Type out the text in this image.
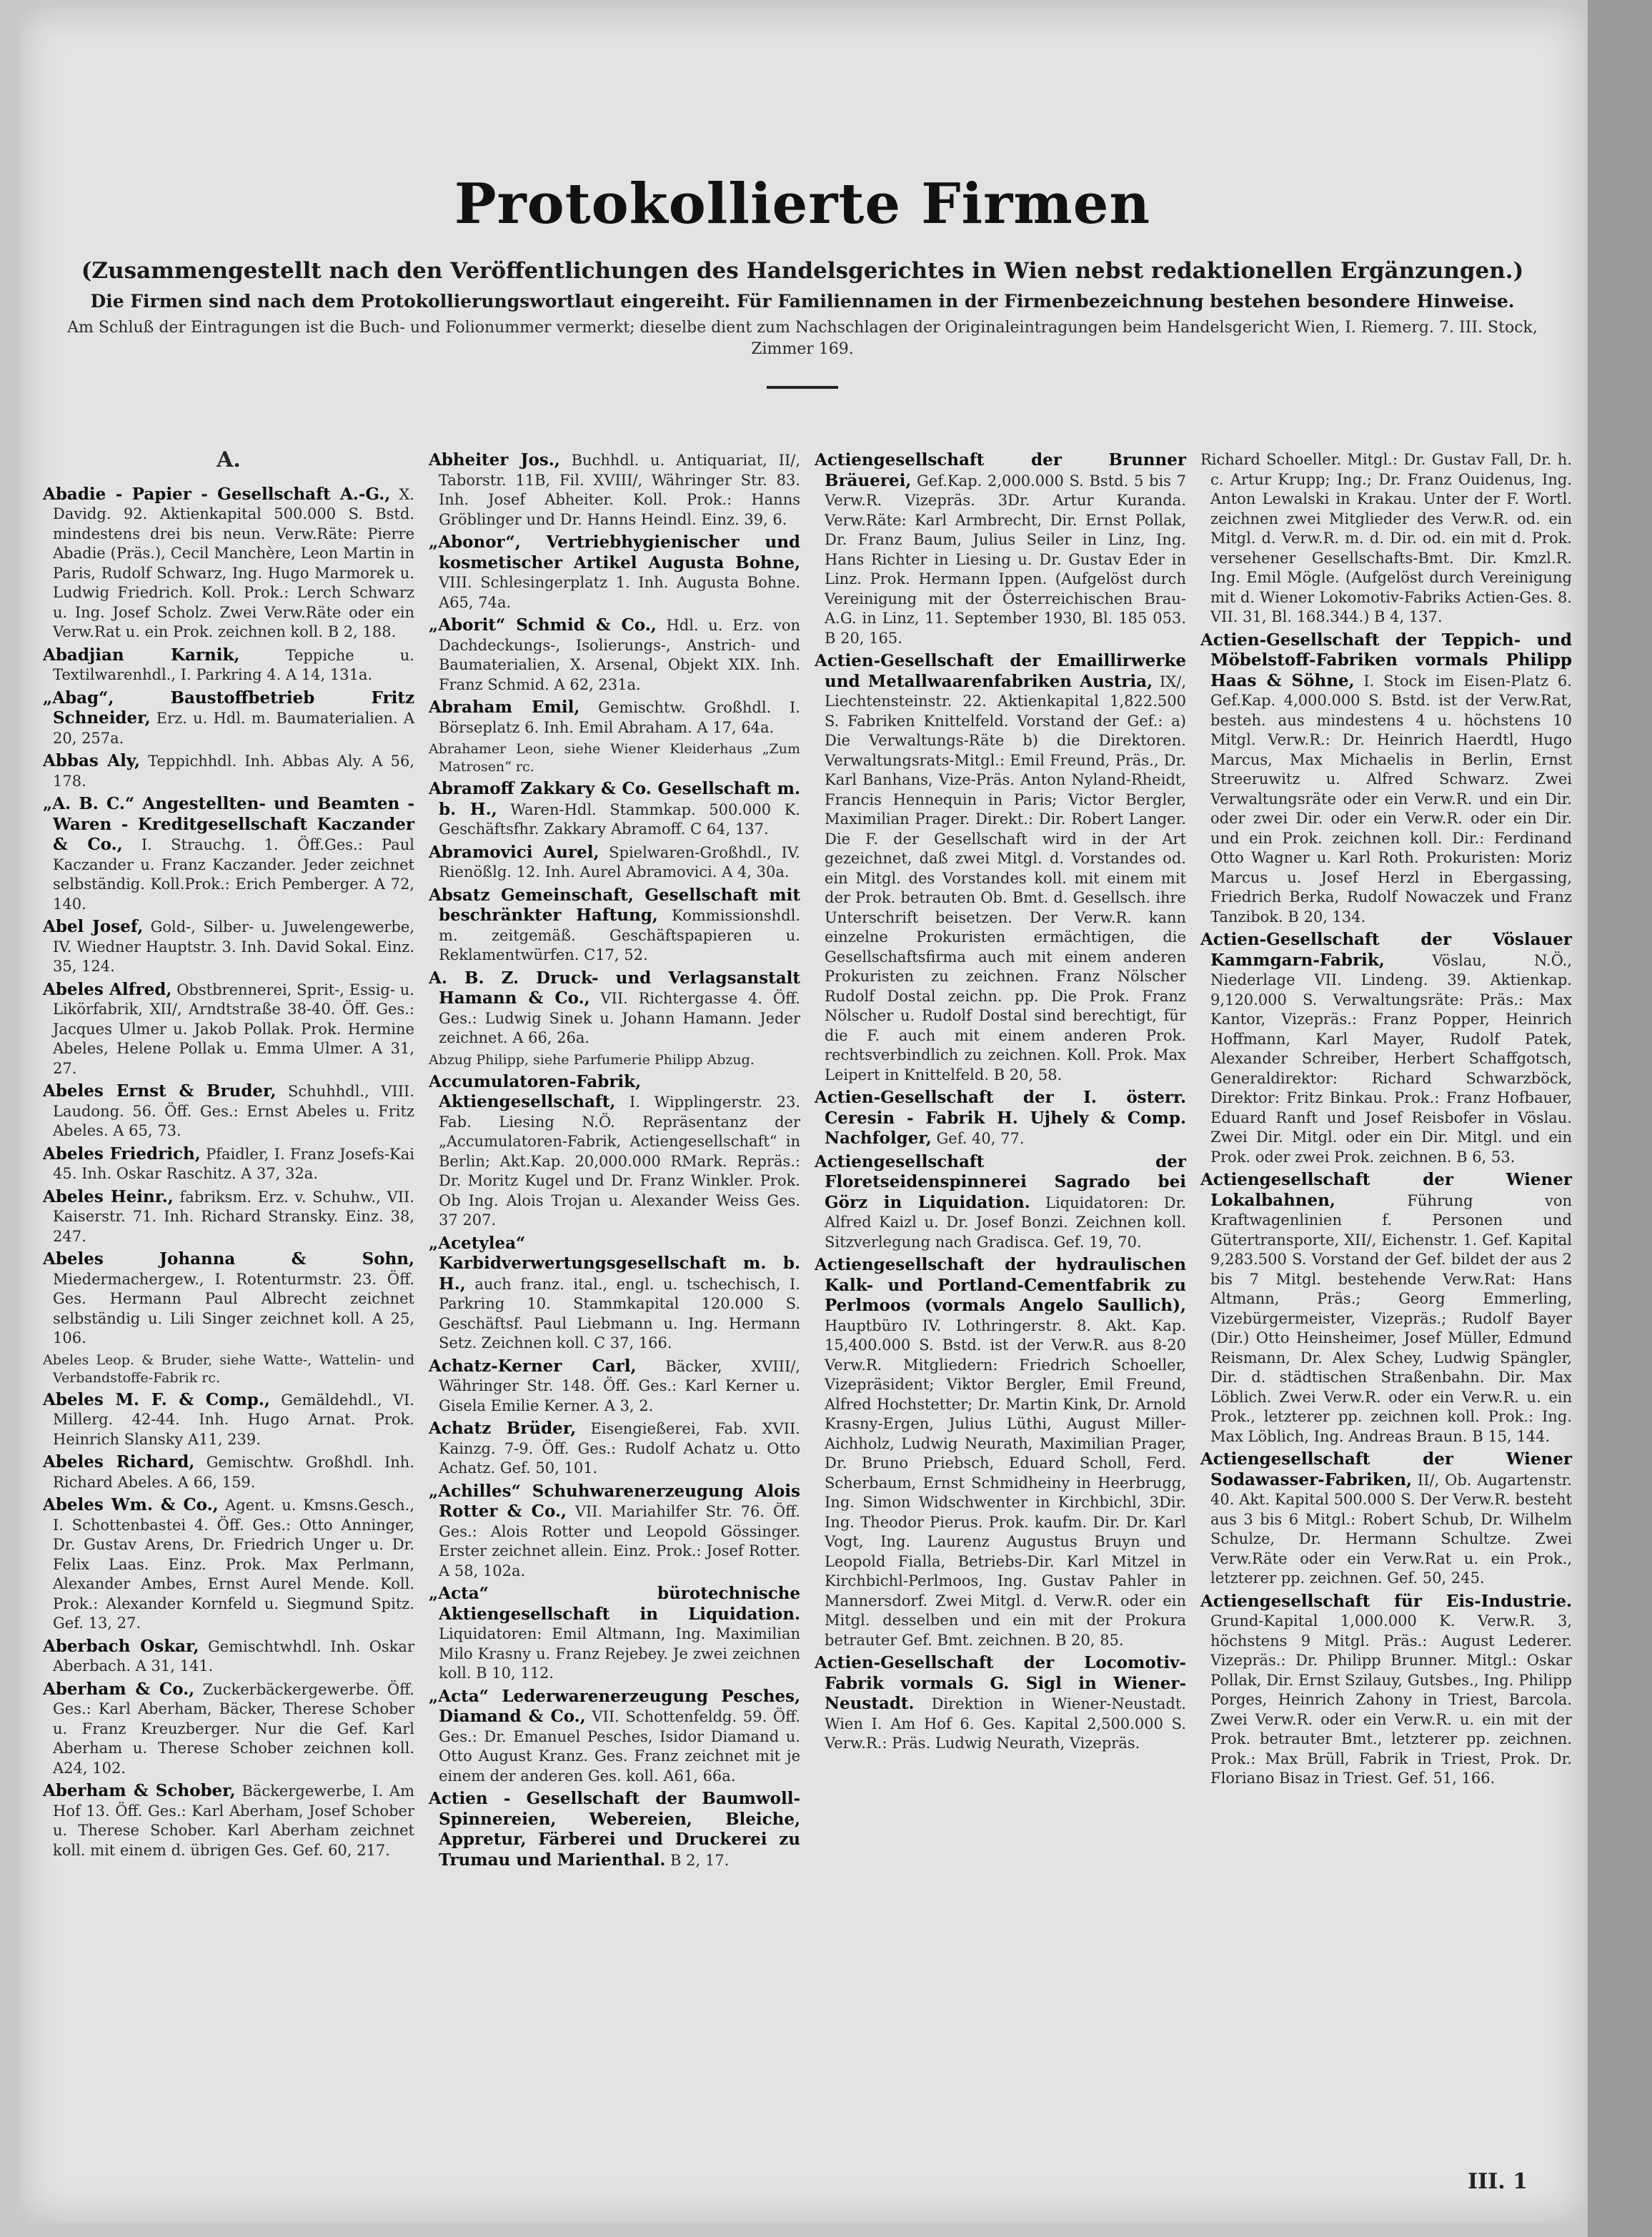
Protokollierte Firmen
(Zusammengestellt nach den Veröffentlichungen des Handelsgerichtes in Wien nebst redaktionellen Ergänzungen.)
Die Firmen sind nach dem Protokollierungswortlaut eingereiht. Für Familiennamen in der Firmenbezeichnung bestehen besondere Hinweise.
Am Schluß der Eintragungen ist die Buch- und Folionummer vermerkt; dieselbe dient zum Nachschlagen der Originaleintragungen beim Handelsgericht Wien, I. Riemerg. 7. III. Stock, Zimmer 169.
A.

Abadie - Papier - Gesellschaft A.-G., X. Davidg. 92. Aktienkapital 500.000 S. Bstd. mindestens drei bis neun. Verw.Räte: Pierre Abadie (Präs.), Cecil Manchère, Leon Martin in Paris, Rudolf Schwarz, Ing. Hugo Marmorek u. Ludwig Friedrich. Koll. Prok.: Lerch Schwarz u. Ing. Josef Scholz. Zwei Verw.Räte oder ein Verw.Rat u. ein Prok. zeichnen koll. B 2, 188.

Abadjian Karnik,	Teppiche u. Textilwarenhdl., I. Parkring 4. A 14, 131a.

„Abag“, Baustoffbetrieb Fritz Schneider, Erz. u. Hdl. m. Baumaterialien. A 20, 257a.

Abbas Aly, Teppichhdl. Inh. Abbas Aly. A 56, 178.

„A. B. C.“ Angestellten- und Beamten - Waren - Kreditgesellschaft Kaczander & Co., I. Strauchg. 1. Öff.Ges.: Paul Kaczander u. Franz Kaczander. Jeder zeichnet selbständig. Koll.Prok.: Erich Pemberger. A 72, 140.

Abel Josef, Gold-, Silber- u. Juwelengewerbe, IV. Wiedner Hauptstr. 3. Inh. David Sokal. Einz. 35, 124.

Abeles Alfred, Obstbrennerei, Sprit-, Essig- u. Likörfabrik, XII/, Arndtstraße 38-40. Öff. Ges.: Jacques Ulmer u. Jakob Pollak. Prok. Hermine Abeles, Helene Pollak u. Emma Ulmer. A 31, 27.

Abeles Ernst & Bruder, Schuhhdl., VIII. Laudong. 56. Öff. Ges.: Ernst Abeles u. Fritz Abeles. A 65, 73.

Abeles Friedrich, Pfaidler, I. Franz Josefs-Kai 45. Inh. Oskar Raschitz. A 37, 32a.

Abeles Heinr., fabriksm. Erz. v. Schuhw., VII. Kaiserstr. 71. Inh. Richard Stransky. Einz. 38, 247.

Abeles Johanna & Sohn, Miedermachergew., I. Rotenturmstr. 23. Öff. Ges. Hermann Paul Albrecht zeichnet selbständig u. Lili Singer zeichnet koll. A 25, 106.

Abeles Leop. & Bruder, siehe Watte-, Wattelin- und Verbandstoffe-Fabrik rc.

Abeles M. F. & Comp., Gemäldehdl., VI. Millerg. 42-44. Inh. Hugo Arnat. Prok. Heinrich Slansky A11, 239.

Abeles Richard, Gemischtw. Großhdl. Inh. Richard Abeles. A 66, 159.

Abeles Wm. & Co., Agent. u. Kmsns.Gesch., I. Schottenbastei 4. Öff. Ges.: Otto Anninger, Dr. Gustav Arens, Dr. Friedrich Unger u. Dr. Felix Laas. Einz. Prok. Max Perlmann, Alexander Ambes, Ernst Aurel Mende. Koll. Prok.: Alexander Kornfeld u. Siegmund Spitz. Gef. 13, 27.

Aberbach Oskar, Gemischtwhdl. Inh. Oskar Aberbach. A 31, 141.

Aberham & Co., Zuckerbäckergewerbe. Öff. Ges.: Karl Aberham, Bäcker, Therese Schober u. Franz Kreuzberger. Nur die Gef. Karl Aberham u. Therese Schober zeichnen koll. A24, 102.

Aberham & Schober, Bäckergewerbe, I. Am Hof 13. Öff. Ges.: Karl Aberham, Josef Schober u. Therese Schober. Karl Aberham zeichnet koll. mit einem d. übrigen Ges. Gef. 60, 217.

Abheiter Jos., Buchhdl. u. Antiquariat, II/, Taborstr. 11B, Fil. XVIII/, Währinger Str. 83. Inh. Josef Abheiter. Koll. Prok.: Hanns Gröblinger und Dr. Hanns Heindl. Einz. 39, 6.

„Abonor“, Vertriebhygienischer und kosmetischer Artikel Augusta Bohne, VIII. Schlesingerplatz 1. Inh. Augusta Bohne. A65, 74a.

„Aborit“ Schmid & Co., Hdl. u. Erz. von Dachdeckungs-, Isolierungs-, Anstrich- und Baumaterialien, X. Arsenal, Objekt XIX. Inh. Franz Schmid. A 62, 231a.

Abraham Emil, Gemischtw. Großhdl. I. Börseplatz 6. Inh. Emil Abraham. A 17, 64a.

Abrahamer Leon, siehe Wiener Kleiderhaus „Zum Matrosen“ rc.

Abramoff Zakkary & Co. Gesellschaft m. b. H., Waren-Hdl. Stammkap. 500.000 K. Geschäftsfhr. Zakkary Abramoff. C 64, 137.

Abramovici Aurel, Spielwaren-Großhdl., IV. Rienößlg. 12. Inh. Aurel Abramovici. A 4, 30a.

Absatz Gemeinschaft, Gesellschaft mit beschränkter Haftung, Kommissionshdl. m. zeitgemäß. Geschäftspapieren u. Reklamentwürfen. C17, 52.

A. B. Z. Druck- und Verlagsanstalt Hamann & Co., VII. Richtergasse 4. Öff. Ges.: Ludwig Sinek u. Johann Hamann. Jeder zeichnet. A 66, 26a.

Abzug Philipp, siehe Parfumerie Philipp Abzug.

Accumulatoren-Fabrik, Aktiengesellschaft, I. Wipplingerstr. 23. Fab. Liesing N.Ö. Repräsentanz der „Accumulatoren-Fabrik, Actiengesellschaft“ in Berlin; Akt.Kap. 20,000.000 RMark. Repräs.: Dr. Moritz Kugel und Dr. Franz Winkler. Prok. Ob Ing. Alois Trojan u. Alexander Weiss Ges. 37 207.

„Acetylea“ Karbidverwertungsgesellschaft m. b. H., auch franz. ital., engl. u. tschechisch, I. Parkring 10. Stammkapital 120.000 S. Geschäftsf. Paul Liebmann u. Ing. Hermann Setz. Zeichnen koll. C 37, 166.

Achatz-Kerner Carl, Bäcker, XVIII/, Währinger Str. 148. Öff. Ges.: Karl Kerner u. Gisela Emilie Kerner. A 3, 2.

Achatz Brüder, Eisengießerei, Fab. XVII. Kainzg. 7-9. Öff. Ges.: Rudolf Achatz u. Otto Achatz. Gef. 50, 101.

„Achilles“ Schuhwarenerzeugung Alois Rotter & Co., VII. Mariahilfer Str. 76. Öff. Ges.: Alois Rotter und Leopold Gössinger. Erster zeichnet allein. Einz. Prok.: Josef Rotter. A 58, 102a.

„Acta“ bürotechnische Aktiengesellschaft in Liquidation. Liquidatoren: Emil Altmann, Ing. Maximilian Milo Krasny u. Franz Rejebey. Je zwei zeichnen koll. B 10, 112.

„Acta“ Lederwarenerzeugung Pesches, Diamand & Co., VII. Schottenfeldg. 59. Öff. Ges.: Dr. Emanuel Pesches, Isidor Diamand u. Otto August Kranz. Ges. Franz zeichnet mit je einem der anderen Ges. koll. A61, 66a.

Actien - Gesellschaft der Baumwoll-Spinnereien, Webereien, Bleiche, Appretur, Färberei und Druckerei zu Trumau und Marienthal. B 2, 17.

Actiengesellschaft der Brunner Bräuerei, Gef.Kap. 2,000.000 S. Bstd. 5 bis 7 Verw.R. Vizepräs. 3Dr. Artur Kuranda. Verw.Räte: Karl Armbrecht, Dir. Ernst Pollak, Dr. Franz Baum, Julius Seiler in Linz, Ing. Hans Richter in Liesing u. Dr. Gustav Eder in Linz. Prok. Hermann Ippen. (Aufgelöst durch Vereinigung mit der Österreichischen Brau-A.G. in Linz, 11. September 1930, Bl. 185 053. B 20, 165.

Actien-Gesellschaft der Emaillirwerke und Metallwaarenfabriken Austria, IX/, Liechtensteinstr. 22. Aktienkapital 1,822.500 S. Fabriken Knittelfeld. Vorstand der Gef.: a) Die Verwaltungs-Räte b) die Direktoren. Verwaltungsrats-Mitgl.: Emil Freund, Präs., Dr. Karl Banhans, Vize-Präs. Anton Nyland-Rheidt, Francis Hennequin in Paris; Victor Bergler, Maximilian Prager. Direkt.: Dir. Robert Langer. Die F. der Gesellschaft wird in der Art gezeichnet, daß zwei Mitgl. d. Vorstandes od. ein Mitgl. des Vorstandes koll. mit einem mit der Prok. betrauten Ob. Bmt. d. Gesellsch. ihre Unterschrift beisetzen. Der Verw.R. kann einzelne Prokuristen ermächtigen, die Gesellschaftsfirma auch mit einem anderen Prokuristen zu zeichnen. Franz Nölscher Rudolf Dostal zeichn. pp. Die Prok. Franz Nölscher u. Rudolf Dostal sind berechtigt, für die F. auch mit einem anderen Prok. rechtsverbindlich zu zeichnen. Koll. Prok. Max Leipert in Knittelfeld. B 20, 58.

Actien-Gesellschaft der I. österr. Ceresin - Fabrik H. Ujhely & Comp. Nachfolger, Gef. 40, 77.

Actiengesellschaft der Floretseidenspinnerei Sagrado bei Görz in Liquidation. Liquidatoren: Dr. Alfred Kaizl u. Dr. Josef Bonzi. Zeichnen koll. Sitzverlegung nach Gradisca. Gef. 19, 70.

Actiengesellschaft der hydraulischen Kalk- und Portland-Cementfabrik zu Perlmoos (vormals Angelo Saullich), Hauptbüro IV. Lothringerstr. 8. Akt. Kap. 15,400.000 S. Bstd. ist der Verw.R. aus 8-20 Verw.R. Mitgliedern: Friedrich Schoeller, Vizepräsident; Viktor Bergler, Emil Freund, Alfred Hochstetter; Dr. Martin Kink, Dr. Arnold Krasny-Ergen, Julius Lüthi, August Miller-Aichholz, Ludwig Neurath, Maximilian Prager, Dr. Bruno Priebsch, Eduard Scholl, Ferd. Scherbaum, Ernst Schmidheiny in Heerbrugg, Ing. Simon Widschwenter in Kirchbichl, 3Dir. Ing. Theodor Pierus. Prok. kaufm. Dir. Dr. Karl Vogt, Ing. Laurenz Augustus Bruyn und Leopold Fialla, Betriebs-Dir. Karl Mitzel in Kirchbichl-Perlmoos, Ing. Gustav Pahler in Mannersdorf. Zwei Mitgl. d. Verw.R. oder ein Mitgl. desselben und ein mit der Prokura betrauter Gef. Bmt. zeichnen. B 20, 85.

Actien-Gesellschaft der Locomotiv-Fabrik vormals G. Sigl in Wiener-Neustadt. Direktion in Wiener-Neustadt. Wien I. Am Hof 6. Ges. Kapital 2,500.000 S. Verw.R.: Präs. Ludwig Neurath, Vizepräs.

Richard Schoeller. Mitgl.: Dr. Gustav Fall, Dr. h. c. Artur Krupp; Ing.; Dr. Franz Ouidenus, Ing. Anton Lewalski in Krakau. Unter der F. Wortl. zeichnen zwei Mitglieder des Verw.R. od. ein Mitgl. d. Verw.R. m. d. Dir. od. ein mit d. Prok. versehener Gesellschafts-Bmt. Dir. Kmzl.R. Ing. Emil Mögle. (Aufgelöst durch Vereinigung mit d. Wiener Lokomotiv-Fabriks Actien-Ges. 8. VII. 31, Bl. 168.344.) B 4, 137.

Actien-Gesellschaft der Teppich- und Möbelstoff-Fabriken vormals Philipp Haas & Söhne, I. Stock im Eisen-Platz 6. Gef.Kap. 4,000.000 S. Bstd. ist der Verw.Rat, besteh. aus mindestens 4 u. höchstens 10 Mitgl. Verw.R.: Dr. Heinrich Haerdtl, Hugo Marcus, Max Michaelis in Berlin, Ernst Streeruwitz u. Alfred Schwarz. Zwei Verwaltungsräte oder ein Verw.R. und ein Dir. oder zwei Dir. oder ein Verw.R. oder ein Dir. und ein Prok. zeichnen koll. Dir.: Ferdinand Otto Wagner u. Karl Roth. Prokuristen: Moriz Marcus u. Josef Herzl in Ebergassing, Friedrich Berka, Rudolf Nowaczek und Franz Tanzibok. B 20, 134.

Actien-Gesellschaft der Vöslauer Kammgarn-Fabrik,	Vöslau, N.Ö., Niederlage VII. Lindeng. 39. Aktienkap. 9,120.000 S. Verwaltungsräte: Präs.: Max Kantor, Vizepräs.: Franz Popper, Heinrich Hoffmann, Karl Mayer, Rudolf Patek, Alexander Schreiber, Herbert Schaffgotsch, Generaldirektor: Richard Schwarzböck, Direktor: Fritz Binkau. Prok.: Franz Hofbauer, Eduard Ranft und Josef Reisbofer in Vöslau. Zwei Dir. Mitgl. oder ein Dir. Mitgl. und ein Prok. oder zwei Prok. zeichnen. B 6, 53.

Actiengesellschaft der Wiener Lokalbahnen,	Führung von Kraftwagenlinien f. Personen und Gütertransporte, XII/, Eichenstr. 1. Gef. Kapital 9,283.500 S. Vorstand der Gef. bildet der aus 2 bis 7 Mitgl. bestehende Verw.Rat: Hans Altmann, Präs.; Georg Emmerling, Vizebürgermeister, Vizepräs.; Rudolf Bayer (Dir.) Otto Heinsheimer, Josef Müller, Edmund Reismann, Dr. Alex Schey, Ludwig Spängler, Dir. d. städtischen Straßenbahn. Dir. Max Löblich. Zwei Verw.R. oder ein Verw.R. u. ein Prok., letzterer pp. zeichnen koll. Prok.: Ing. Max Löblich, Ing. Andreas Braun. B 15, 144.

Actiengesellschaft der Wiener Sodawasser-Fabriken, II/, Ob. Augartenstr. 40. Akt. Kapital 500.000 S. Der Verw.R. besteht aus 3 bis 6 Mitgl.: Robert Schub, Dr. Wilhelm Schulze, Dr. Hermann Schultze. Zwei Verw.Räte oder ein Verw.Rat u. ein Prok., letzterer pp. zeichnen. Gef. 50, 245.

Actiengesellschaft für Eis-Industrie. Grund-Kapital 1,000.000 K. Verw.R. 3, höchstens 9 Mitgl. Präs.: August Lederer. Vizepräs.: Dr. Philipp Brunner. Mitgl.: Oskar Pollak, Dir. Ernst Szilauy, Gutsbes., Ing. Philipp Porges, Heinrich Zahony in Triest, Barcola. Zwei Verw.R. oder ein Verw.R. u. ein mit der Prok. betrauter Bmt., letzterer pp. zeichnen. Prok.: Max Brüll, Fabrik in Triest, Prok. Dr. Floriano Bisaz in Triest. Gef. 51, 166.

III. 1
